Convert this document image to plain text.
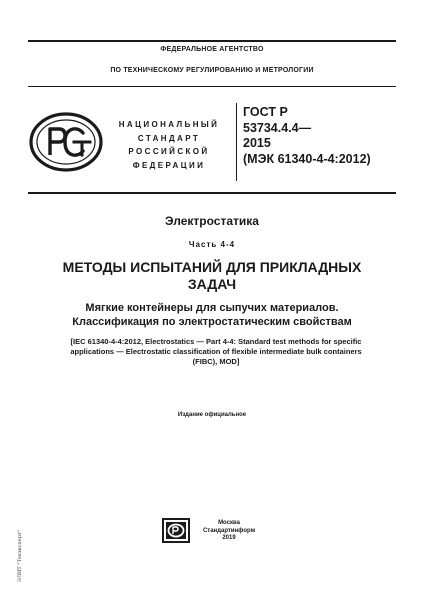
ФЕДЕРАЛЬНОЕ АГЕНТСТВО
ПО ТЕХНИЧЕСКОМУ РЕГУЛИРОВАНИЮ И МЕТРОЛОГИИ
НАЦИОНАЛЬНЫЙ
СТАНДАРТ
РОССИЙСКОЙ
ФЕДЕРАЦИИ
ГОСТ Р
53734.4.4—
2015
(МЭК 61340-4-4:2012)
Электростатика
Часть 4-4
МЕТОДЫ ИСПЫТАНИЙ ДЛЯ ПРИКЛАДНЫХ
ЗАДАЧ
Мягкие контейнеры для сыпучих материалов.
Классификация по электростатическим свойствам
[IEC 61340-4-4:2012, Electrostatics — Part 4-4: Standard test methods for specific
applications — Electrostatic classification of flexible intermediate bulk containers
(FIBC), MOD]
Издание официальное
Москва
Стандартинформ
2019
ЭЛИТ "Техэксперт"
